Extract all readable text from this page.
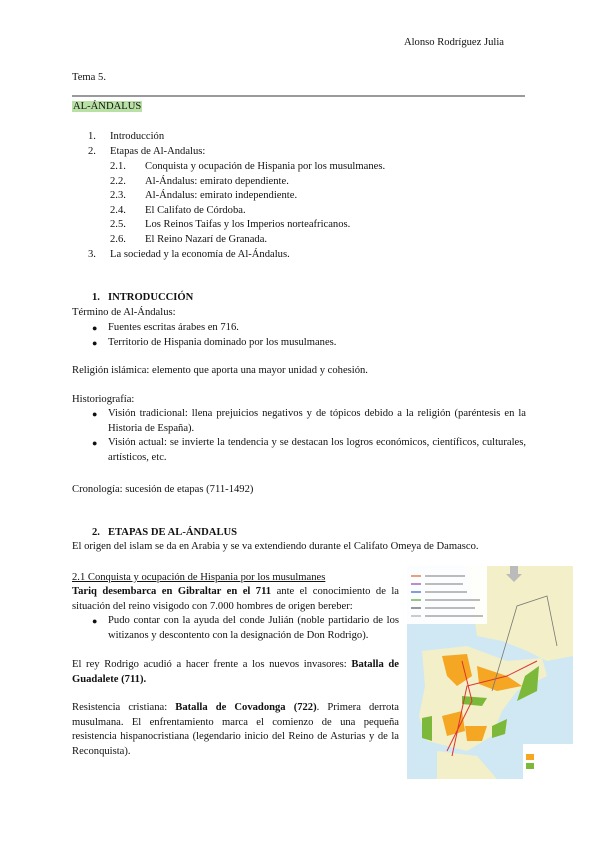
Alonso Rodríguez Julia
Tema 5.
AL-ÁNDALUS
1. Introducción
2. Etapas de Al-Andalus:
2.1. Conquista y ocupación de Hispania por los musulmanes.
2.2. Al-Ándalus: emirato dependiente.
2.3. Al-Ándalus: emirato independiente.
2.4. El Califato de Córdoba.
2.5. Los Reinos Taifas y los Imperios norteafricanos.
2.6. El Reino Nazarí de Granada.
3. La sociedad y la economía de Al-Ándalus.
1. INTRODUCCIÓN
Término de Al-Ándalus:
● Fuentes escritas árabes en 716.
● Territorio de Hispania dominado por los musulmanes.
Religión islámica: elemento que aporta una mayor unidad y cohesión.
Historiografía:
● Visión tradicional: llena prejuicios negativos y de tópicos debido a la religión (paréntesis en la Historia de España).
● Visión actual: se invierte la tendencia y se destacan los logros económicos, científicos, culturales, artísticos, etc.
Cronología: sucesión de etapas (711-1492)
2. ETAPAS DE AL-ÁNDALUS
El origen del islam se da en Arabia y se va extendiendo durante el Califato Omeya de Damasco.
2.1 Conquista y ocupación de Hispania por los musulmanes
Tariq desembarca en Gibraltar en el 711 ante el conocimiento de la situación del reino visigodo con 7.000 hombres de origen bereber:
● Pudo contar con la ayuda del conde Julián (noble partidario de los witizanos y descontento con la designación de Don Rodrigo).
El rey Rodrigo acudió a hacer frente a los nuevos invasores: Batalla de Guadalete (711).
Resistencia cristiana: Batalla de Covadonga (722). Primera derrota musulmana. El enfrentamiento marca el comienzo de una pequeña resistencia hispanocristiana (legendario inicio del Reino de Asturias y de la Reconquista).
